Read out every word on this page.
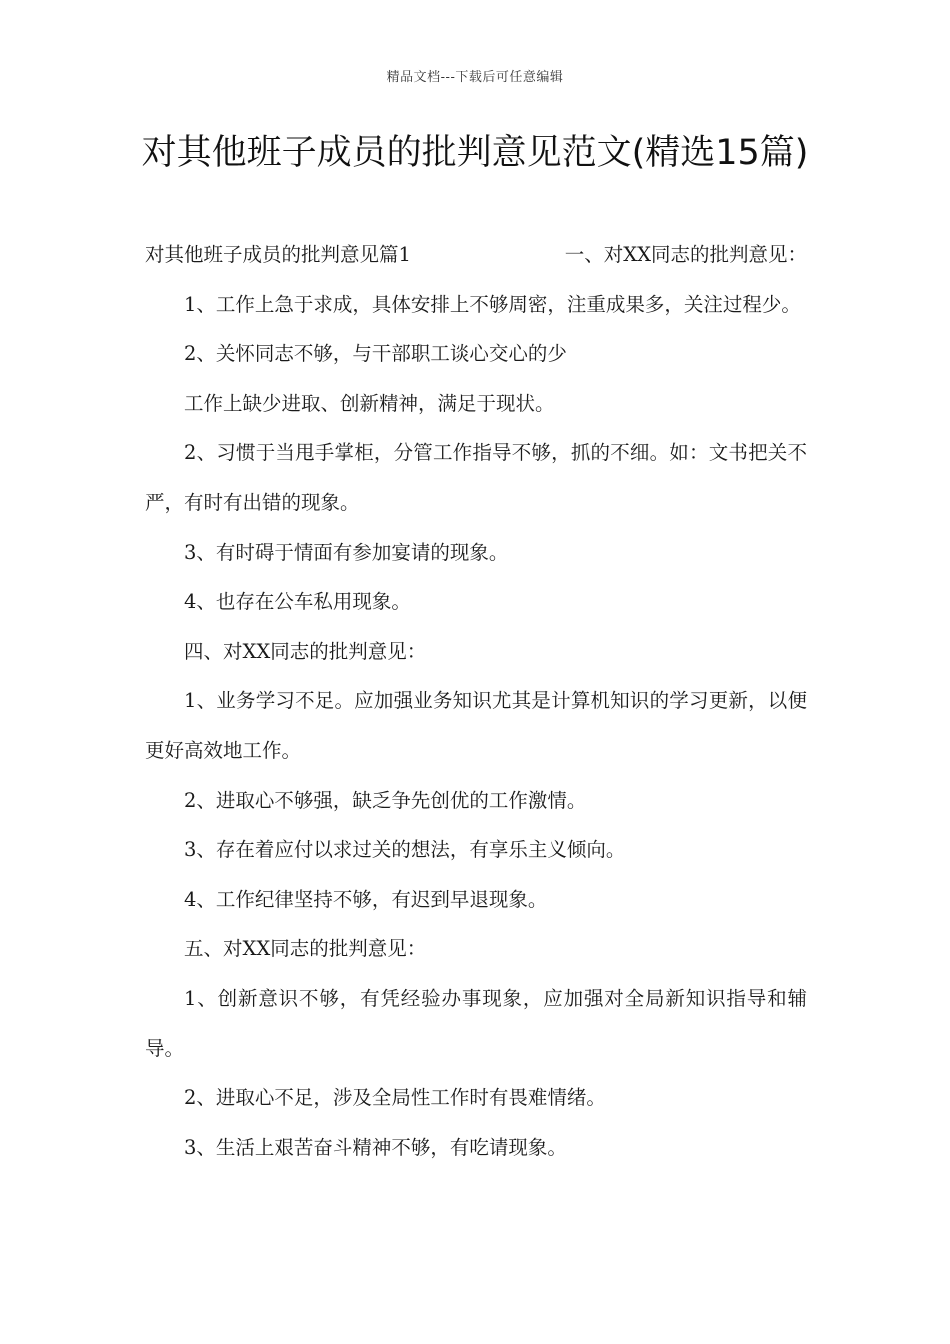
精品文档---下载后可任意编辑
对其他班子成员的批判意见范文(精选15篇)

对其他班子成员的批判意见篇1	一、对XX同志的批判意见：

1、工作上急于求成，具体安排上不够周密，注重成果多，关注过程少。

2、关怀同志不够，与干部职工谈心交心的少

工作上缺少进取、创新精神，满足于现状。

2、习惯于当甩手掌柜，分管工作指导不够，抓的不细。如：文书把关不严，有时有出错的现象。

3、有时碍于情面有参加宴请的现象。

4、也存在公车私用现象。

四、对XX同志的批判意见：

1、业务学习不足。应加强业务知识尤其是计算机知识的学习更新，以便更好高效地工作。

2、进取心不够强，缺乏争先创优的工作激情。

3、存在着应付以求过关的想法，有享乐主义倾向。

4、工作纪律坚持不够，有迟到早退现象。

五、对XX同志的批判意见：

1、创新意识不够，有凭经验办事现象，应加强对全局新知识指导和辅导。

2、进取心不足，涉及全局性工作时有畏难情绪。

3、生活上艰苦奋斗精神不够，有吃请现象。
